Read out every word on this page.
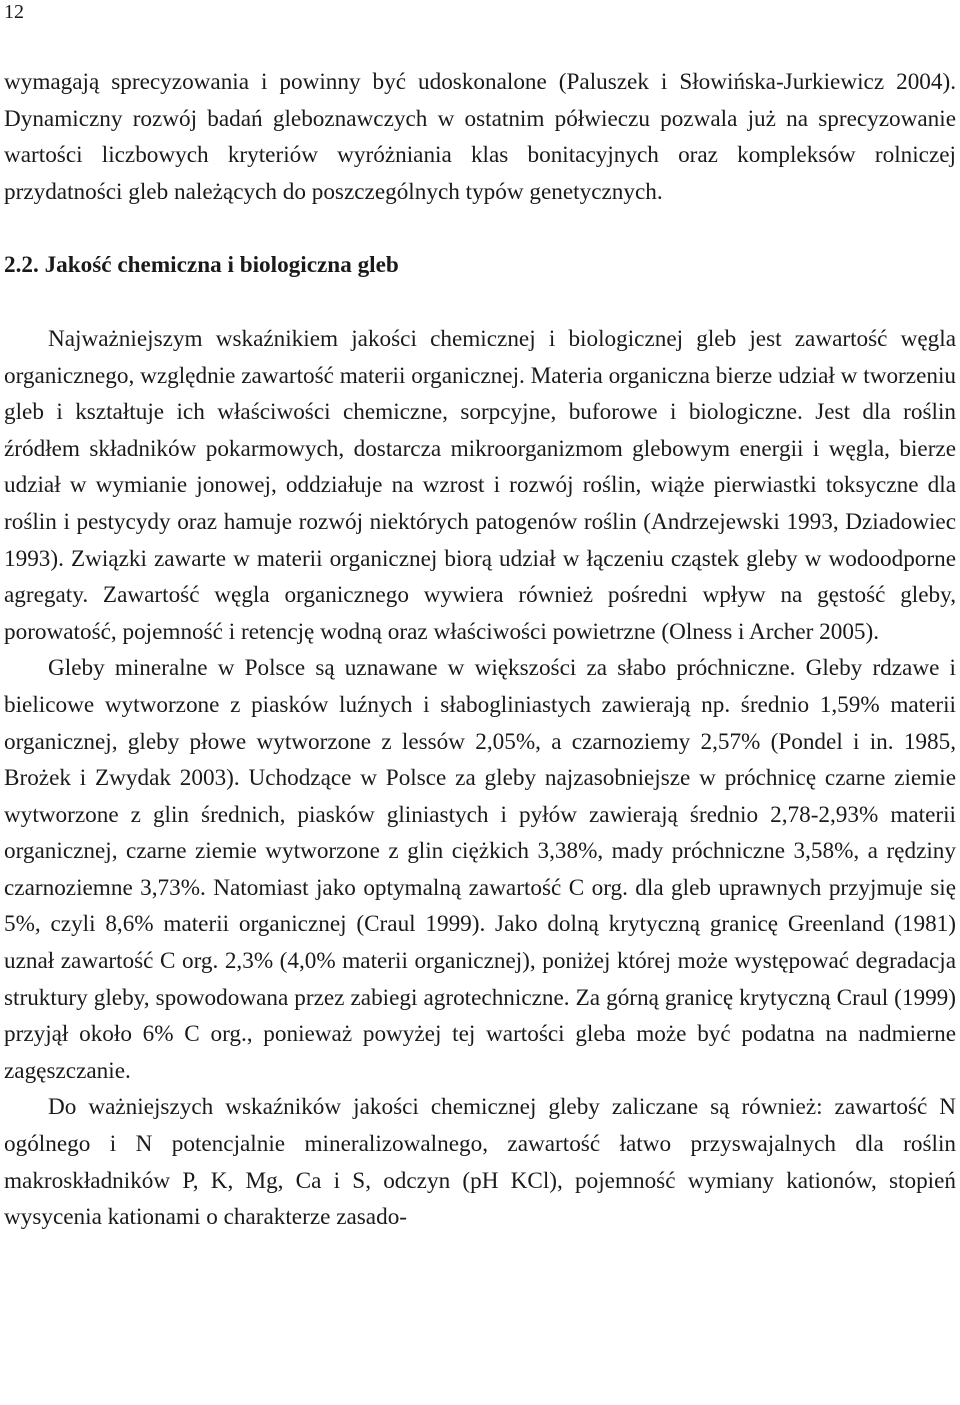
12

wymagają sprecyzowania i powinny być udoskonalone (Paluszek i Słowińska-Jurkiewicz 2004). Dynamiczny rozwój badań gleboznawczych w ostatnim półwieczu pozwala już na sprecyzowanie wartości liczbowych kryteriów wyróżniania klas bonitacyjnych oraz kompleksów rolniczej przydatności gleb należących do poszczególnych typów genetycznych.

2.2. Jakość chemiczna i biologiczna gleb

Najważniejszym wskaźnikiem jakości chemicznej i biologicznej gleb jest zawartość węgla organicznego, względnie zawartość materii organicznej. Materia organiczna bierze udział w tworzeniu gleb i kształtuje ich właściwości chemiczne, sorpcyjne, buforowe i biologiczne. Jest dla roślin źródłem składników pokarmowych, dostarcza mikroorganizmom glebowym energii i węgla, bierze udział w wymianie jonowej, oddziałuje na wzrost i rozwój roślin, wiąże pierwiastki toksyczne dla roślin i pestycydy oraz hamuje rozwój niektórych patogenów roślin (Andrzejewski 1993, Dziadowiec 1993). Związki zawarte w materii organicznej biorą udział w łączeniu cząstek gleby w wodoodporne agregaty. Zawartość węgla organicznego wywiera również pośredni wpływ na gęstość gleby, porowatość, pojemność i retencję wodną oraz właściwości powietrzne (Olness i Archer 2005).

Gleby mineralne w Polsce są uznawane w większości za słabo próchniczne. Gleby rdzawe i bielicowe wytworzone z piasków luźnych i słabogliniastych zawierają np. średnio 1,59% materii organicznej, gleby płowe wytworzone z lessów 2,05%, a czarnoziemy 2,57% (Pondel i in. 1985, Brożek i Zwydak 2003). Uchodzące w Polsce za gleby najzasobniejsze w próchnicę czarne ziemie wytworzone z glin średnich, piasków gliniastych i pyłów zawierają średnio 2,78-2,93% materii organicznej, czarne ziemie wytworzone z glin ciężkich 3,38%, mady próchniczne 3,58%, a rędziny czarnoziemne 3,73%. Natomiast jako optymalną zawartość C org. dla gleb uprawnych przyjmuje się 5%, czyli 8,6% materii organicznej (Craul 1999). Jako dolną krytyczną granicę Greenland (1981) uznał zawartość C org. 2,3% (4,0% materii organicznej), poniżej której może występować degradacja struktury gleby, spowodowana przez zabiegi agrotechniczne. Za górną granicę krytyczną Craul (1999) przyjął około 6% C org., ponieważ powyżej tej wartości gleba może być podatna na nadmierne zagęszczanie.

Do ważniejszych wskaźników jakości chemicznej gleby zaliczane są również: zawartość N ogólnego i N potencjalnie mineralizowalnego, zawartość łatwo przyswajalnych dla roślin makroskładników P, K, Mg, Ca i S, odczyn (pH KCl), pojemność wymiany kationów, stopień wysycenia kationami o charakterze zasado-
